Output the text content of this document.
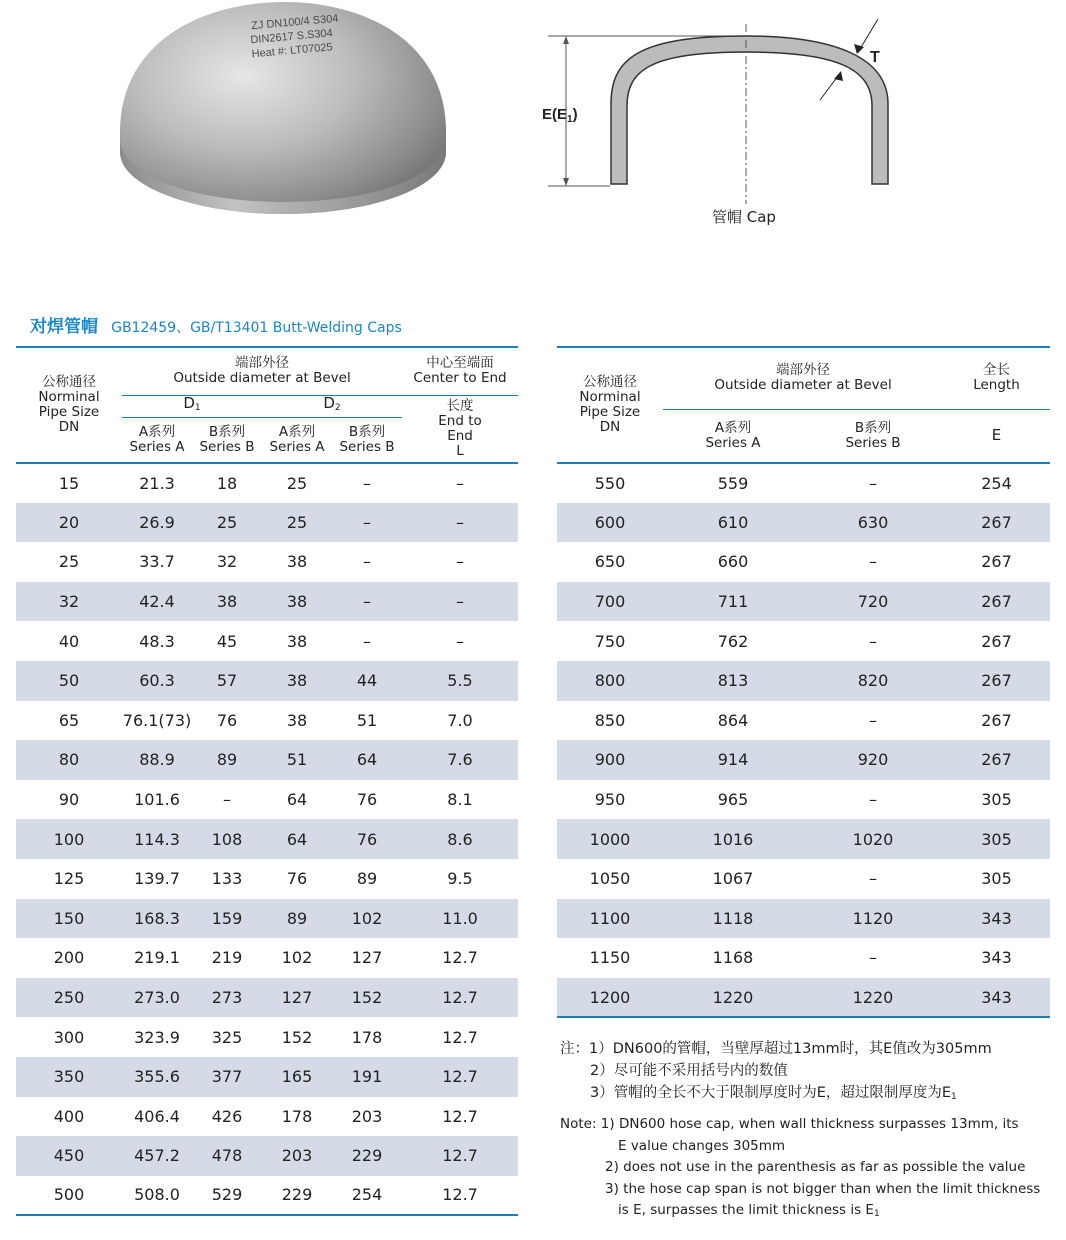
ZJ DN100/4 S304
DIN2617 S.S304
Heat #: LT07025
$E(E_1)$
T
管帽 Cap
对焊管帽 GB12459、GB/T13401 Butt-Welding Caps
公称通径
Norminal
Pipe Size
DN	端部外径
Outside diameter at Bevel				中心至端面
Center to End

	$D_1$		$D_2$		长度
End to
End
L

	A系列
Series A	B系列
Series B	A系列
Series A	B系列
Series B	

15	21.3	18	25	–	–
20	26.9	25	25	–	–
25	33.7	32	38	–	–
32	42.4	38	38	–	–
40	48.3	45	38	–	–
50	60.3	57	38	44	5.5
65	76.1(73)	76	38	51	7.0
80	88.9	89	51	64	7.6
90	101.6	–	64	76	8.1
100	114.3	108	64	76	8.6
125	139.7	133	76	89	9.5
150	168.3	159	89	102	11.0
200	219.1	219	102	127	12.7
250	273.0	273	127	152	12.7
300	323.9	325	152	178	12.7
350	355.6	377	165	191	12.7
400	406.4	426	178	203	12.7
450	457.2	478	203	229	12.7
500	508.0	529	229	254	12.7
公称通径
Norminal
Pipe Size
DN	端部外径
Outside diameter at Bevel		全长
Length

	A系列
Series A	B系列
Series B	E
550	559	–	254
600	610	630	267
650	660	–	267
700	711	720	267
750	762	–	267
800	813	820	267
850	864	–	267
900	914	920	267
950	965	–	305
1000	1016	1020	305
1050	1067	–	305
1100	1118	1120	343
1150	1168	–	343
1200	1220	1220	343
注：1）DN600的管帽，当壁厚超过13mm时，其E值改为305mm
2）尽可能不采用括号内的数值
3）管帽的全长不大于限制厚度时为E，超过限制厚度为$E_1$
Note: 1) DN600 hose cap, when wall thickness surpasses 13mm, its
E value changes 305mm
2) does not use in the parenthesis as far as possible the value
3) the hose cap span is not bigger than when the limit thickness
is E, surpasses the limit thickness is $E_1$
